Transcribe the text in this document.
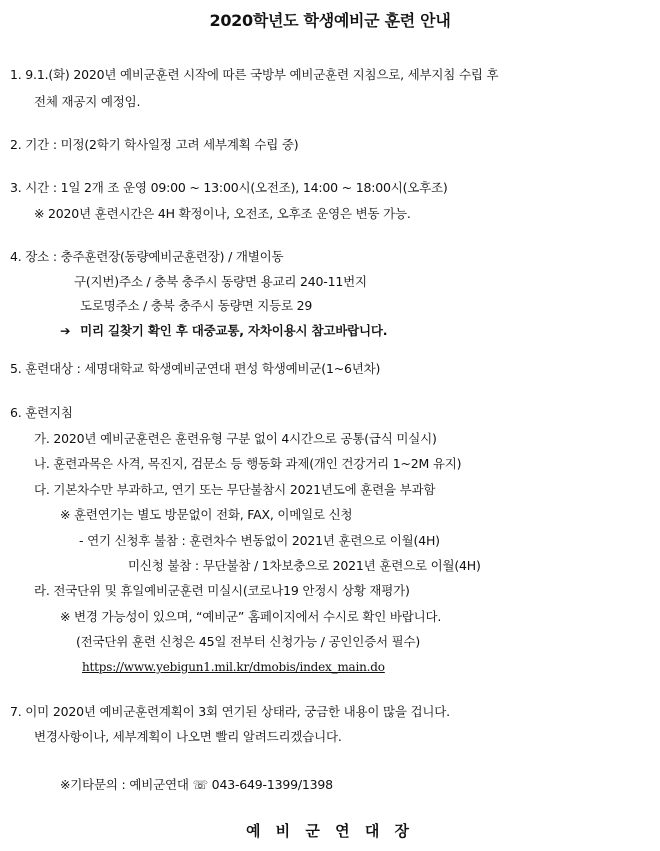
2020학년도 학생예비군 훈련 안내
1. 9.1.(화) 2020년 예비군훈련 시작에 따른 국방부 예비군훈련 지침으로, 세부지침 수립 후
전체 재공지 예정임.
2. 기간 : 미정(2학기 학사일정 고려 세부계획 수립 중)
3. 시간 : 1일 2개 조 운영 09:00 ~ 13:00시(오전조), 14:00 ~ 18:00시(오후조)
※ 2020년 훈련시간은 4H 확정이나, 오전조, 오후조 운영은 변동 가능.
4. 장소 : 충주훈련장(동량예비군훈련장) / 개별이동
구(지번)주소 / 충북 충주시 동량면 용교리 240-11번지
도로명주소 / 충북 충주시 동량면 지등로 29
➔ 미리 길찾기 확인 후 대중교통, 자차이용시 참고바랍니다.
5. 훈련대상 : 세명대학교 학생예비군연대 편성 학생예비군(1~6년차)
6. 훈련지침
가. 2020년 예비군훈련은 훈련유형 구분 없이 4시간으로 공통(급식 미실시)
나. 훈련과목은 사격, 목진지, 검문소 등 행동화 과제(개인 건강거리 1~2M 유지)
다. 기본차수만 부과하고, 연기 또는 무단불참시 2021년도에 훈련을 부과함
※ 훈련연기는 별도 방문없이 전화, FAX, 이메일로 신청
- 연기 신청후 불참 : 훈련차수 변동없이 2021년 훈련으로 이월(4H)
미신청 불참 : 무단불참 / 1차보충으로 2021년 훈련으로 이월(4H)
라. 전국단위 및 휴일예비군훈련 미실시(코로나19 안정시 상황 재평가)
※ 변경 가능성이 있으며, “예비군” 홈페이지에서 수시로 확인 바랍니다.
(전국단위 훈련 신청은 45일 전부터 신청가능 / 공인인증서 필수)
https://www.yebigun1.mil.kr/dmobis/index_main.do
7. 이미 2020년 예비군훈련계획이 3회 연기된 상태라, 궁금한 내용이 많을 겁니다.
변경사항이나, 세부계획이 나오면 빨리 알려드리겠습니다.
※기타문의 : 예비군연대 ☏ 043-649-1399/1398
예 비 군 연 대 장
